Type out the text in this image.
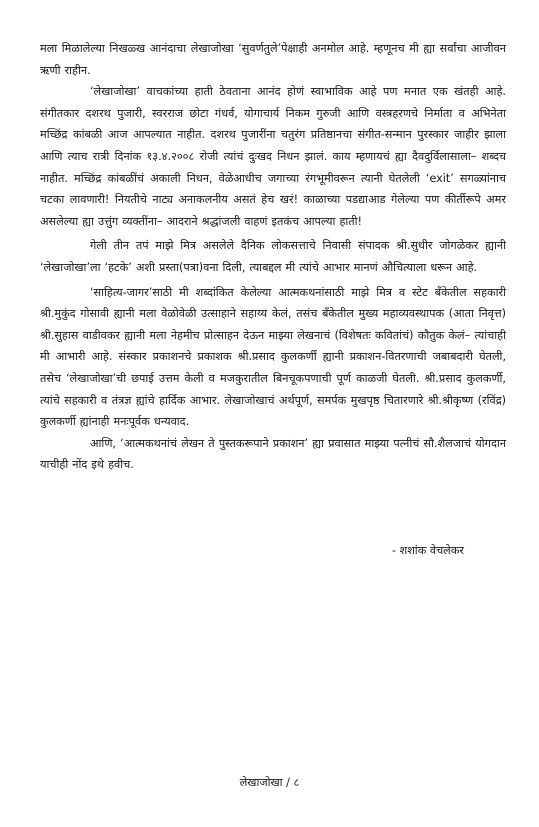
मला मिळालेल्या निखळ्ख आनंदाचा लेखाजोखा ‘सुवर्णतुले’पेक्षाही अनमोल आहे. म्हणूनच मी ह्या सर्वांचा आजीवन ऋणी राहीन.

‘लेखाजोखा’ वाचकांच्या हाती ठेवताना आनंद होणं स्वाभाविक आहे पण मनात एक खंतही आहे. संगीतकार दशरथ पुजारी, स्वरराज छोटा गंधर्व, योगाचार्य निकम गुरुजी आणि वस्त्रहरणचे निर्माता व अभिनेता मच्छिंद्र कांबळी आज आपल्यात नाहीत. दशरथ पुजारींना चतुरंग प्रतिष्ठानचा संगीत-सन्मान पुरस्कार जाहीर झाला आणि त्याच रात्री दिनांक १३.४.२००८ रोजी त्यांचं दुःखद निधन झालं. काय म्हणायचं ह्या दैवदुर्विलासाला– शब्दच नाहीत. मच्छिंद्र कांबळींचं अकाली निधन, वेळेआधीच जगाच्या रंगभूमीवरून त्यानी घेतलेली ‘exit’ सगळ्यांनाच चटका लावणारी! नियतीचे नाट्य अनाकलनीय असतं हेच खरं! काळाच्या पडद्याआड गेलेल्या पण कीर्तीरूपे अमर असलेल्या ह्या उत्तुंग व्यक्तींना– आदराने श्रद्धांजली वाहणं इतकंच आपल्या हाती!

गेली तीन तपं माझे मित्र असलेले दैनिक लोकसत्ताचे निवासी संपादक श्री.सुधीर जोगळेकर ह्यानी ‘लेखाजोखा’ला ‘हटके’ अशी प्रस्ता(पत्रा)वना दिली, त्याबद्दल मी त्यांचे आभार मानणं औचित्याला धरून आहे.

‘साहित्य-जागर’साठी मी शब्दांकित केलेल्या आत्मकथनांसाठी माझे मित्र व स्टेट बँकेतील सहकारी श्री.मुकुंद गोसावी ह्यानी मला वेळोवेळी उत्साहाने सहाय्य केलं, तसंच बँकेतील मुख्य महाव्यवस्थापक (आता निवृत्त) श्री.सुहास वाडीवकर ह्यानी मला नेहमीच प्रोत्साहन देऊन माझ्या लेखनाचं (विशेषतः कवितांचं) कौतुक केलं– त्यांचाही मी आभारी आहे. संस्कार प्रकाशनचे प्रकाशक श्री.प्रसाद कुलकर्णी ह्यानी प्रकाशन-वितरणाची जबाबदारी घेतली, तसेच ‘लेखाजोखा’ची छपाई उत्तम केली व मजकुरातील बिनचूकपणाची पूर्ण काळजी घेतली. श्री.प्रसाद कुलकर्णी, त्यांचे सहकारी व तंत्रज्ञ ह्यांचे हार्दिक आभार. लेखाजोखाचं अर्थपूर्ण, समर्पक मुखपृष्ठ चितारणारे श्री.श्रीकृष्ण (रविंद्र) कुलकर्णी ह्यांनाही मनःपूर्वक धन्यवाद.

आणि, ‘आत्मकथनांचं लेखन ते पुस्तकरूपाने प्रकाशन’ ह्या प्रवासात माझ्या पत्नीचं सौ.शैलजाचं योगदान याचीही नोंद इथे हवीच.

- शशांक वेचलेकर
लेखाजोखा / ८
